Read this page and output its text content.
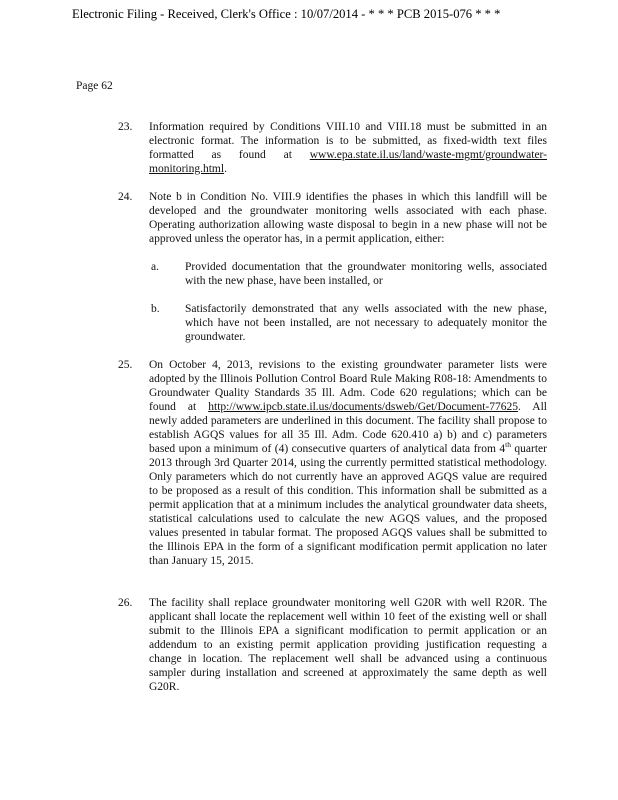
Electronic Filing - Received, Clerk's Office : 10/07/2014 - * * * PCB 2015-076 * * *
Page 62
23. Information required by Conditions VIII.10 and VIII.18 must be submitted in an electronic format. The information is to be submitted, as fixed-width text files formatted as found at www.epa.state.il.us/land/waste-mgmt/groundwater-monitoring.html.
24. Note b in Condition No. VIII.9 identifies the phases in which this landfill will be developed and the groundwater monitoring wells associated with each phase. Operating authorization allowing waste disposal to begin in a new phase will not be approved unless the operator has, in a permit application, either:
a. Provided documentation that the groundwater monitoring wells, associated with the new phase, have been installed, or
b. Satisfactorily demonstrated that any wells associated with the new phase, which have not been installed, are not necessary to adequately monitor the groundwater.
25. On October 4, 2013, revisions to the existing groundwater parameter lists were adopted by the Illinois Pollution Control Board Rule Making R08-18: Amendments to Groundwater Quality Standards 35 Ill. Adm. Code 620 regulations; which can be found at http://www.ipcb.state.il.us/documents/dsweb/Get/Document-77625. All newly added parameters are underlined in this document. The facility shall propose to establish AGQS values for all 35 Ill. Adm. Code 620.410 a) b) and c) parameters based upon a minimum of (4) consecutive quarters of analytical data from 4th quarter 2013 through 3rd Quarter 2014, using the currently permitted statistical methodology. Only parameters which do not currently have an approved AGQS value are required to be proposed as a result of this condition. This information shall be submitted as a permit application that at a minimum includes the analytical groundwater data sheets, statistical calculations used to calculate the new AGQS values, and the proposed values presented in tabular format. The proposed AGQS values shall be submitted to the Illinois EPA in the form of a significant modification permit application no later than January 15, 2015.
26. The facility shall replace groundwater monitoring well G20R with well R20R. The applicant shall locate the replacement well within 10 feet of the existing well or shall submit to the Illinois EPA a significant modification to permit application or an addendum to an existing permit application providing justification requesting a change in location. The replacement well shall be advanced using a continuous sampler during installation and screened at approximately the same depth as well G20R.
